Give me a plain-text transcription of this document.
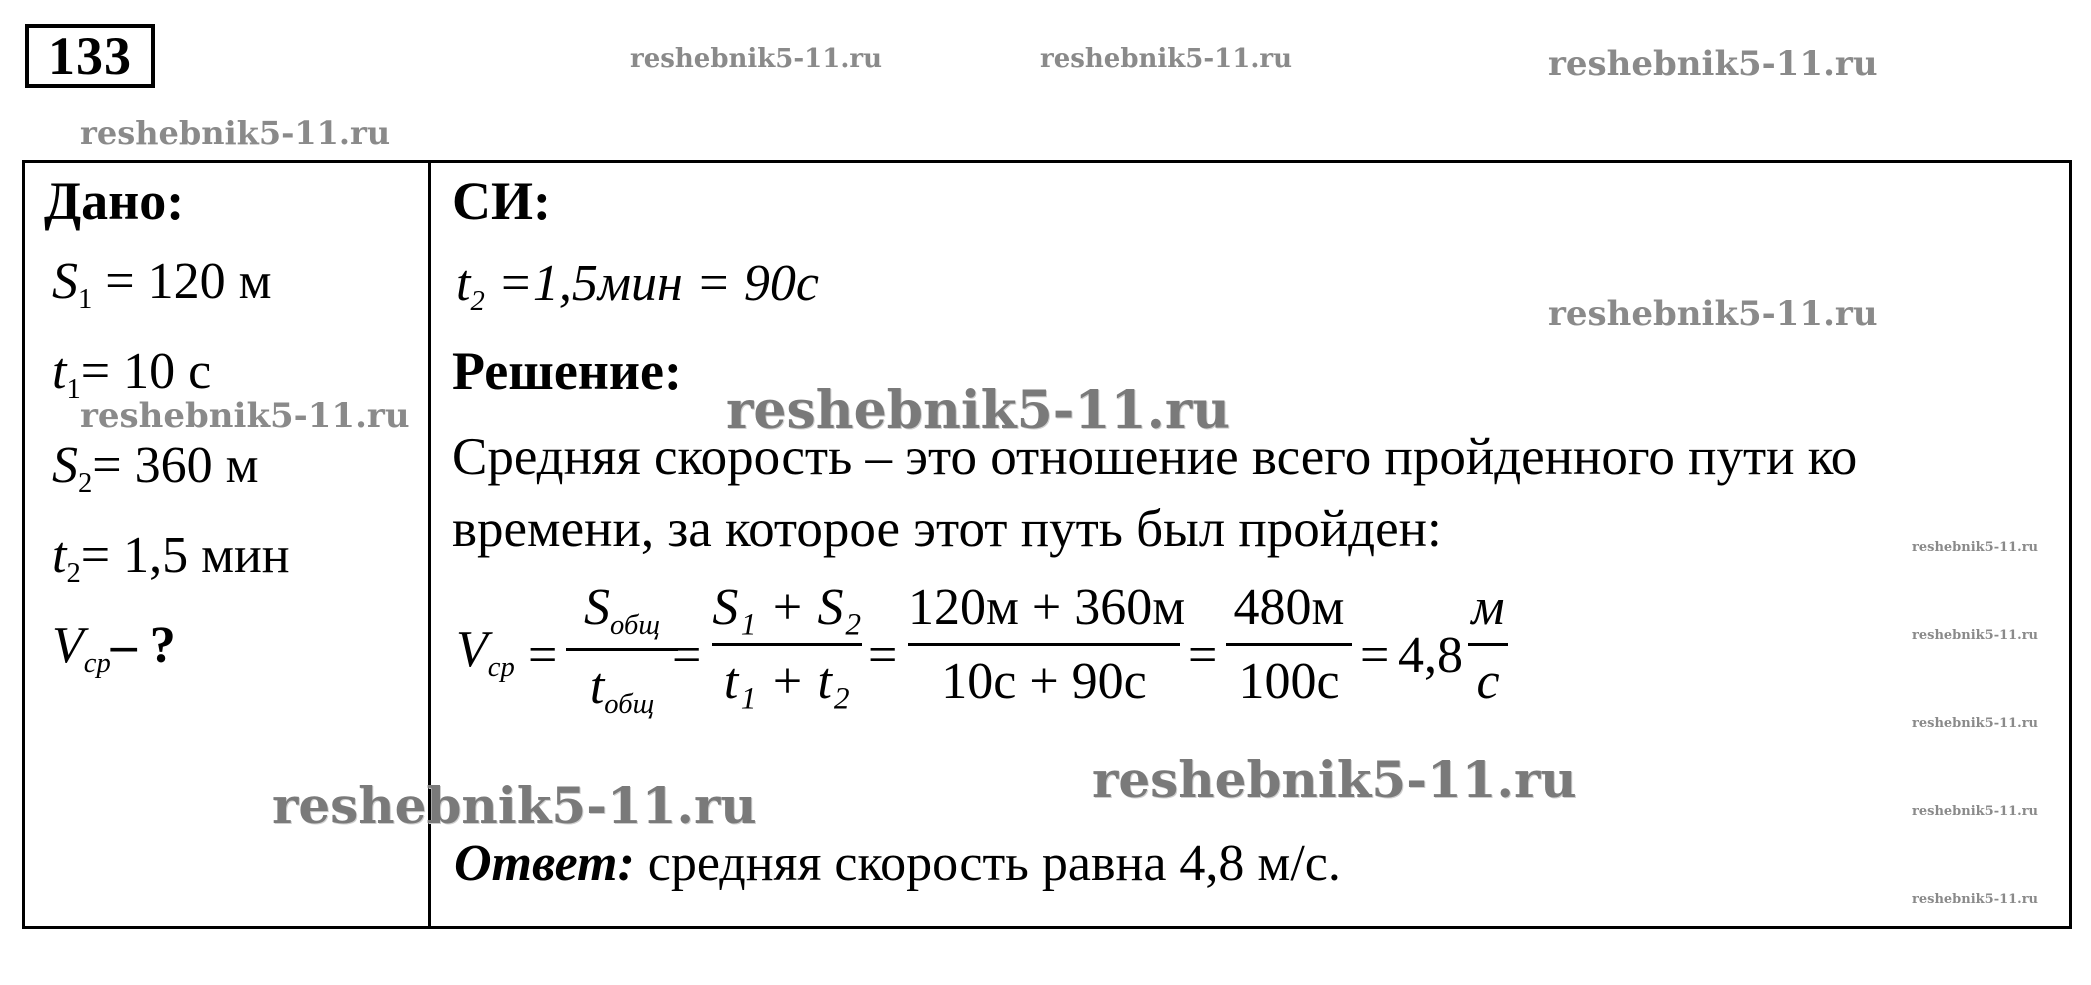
133	reshebnik5-11.ru	reshebnik5-11.ru	reshebnik5-11.ru
reshebnik5-11.ru
reshebnik5-11.ru
Дано:
$S_1 = 120$ м
$t_1= 10$ с
reshebnik5-11.ru
$S_2= 360$ м
$t_2= 1,5$ мин
$V_{ср}-$ ?
СИ:
$t_2 =1,5мин = 90с$
Решение:
reshebnik5-11.ru
Средняя скорость – это отношение всего пройденного пути ко
времени, за которое этот путь был пройден:
$V_{ср}$ =
$S_{общ}$
$t_{общ}$
=
S₁ + S₂
t₁ + t₂ =
120м + 360м
10с + 90с =
480м
100с = 4,8
м
с
reshebnik5-11.ru
reshebnik5-11.ru
reshebnik5-11.ru
reshebnik5-11.ru
reshebnik5-11.ru
reshebnik5-11.ru	reshebnik5-11.ru
Ответ: средняя скорость равна 4,8 м/с.
